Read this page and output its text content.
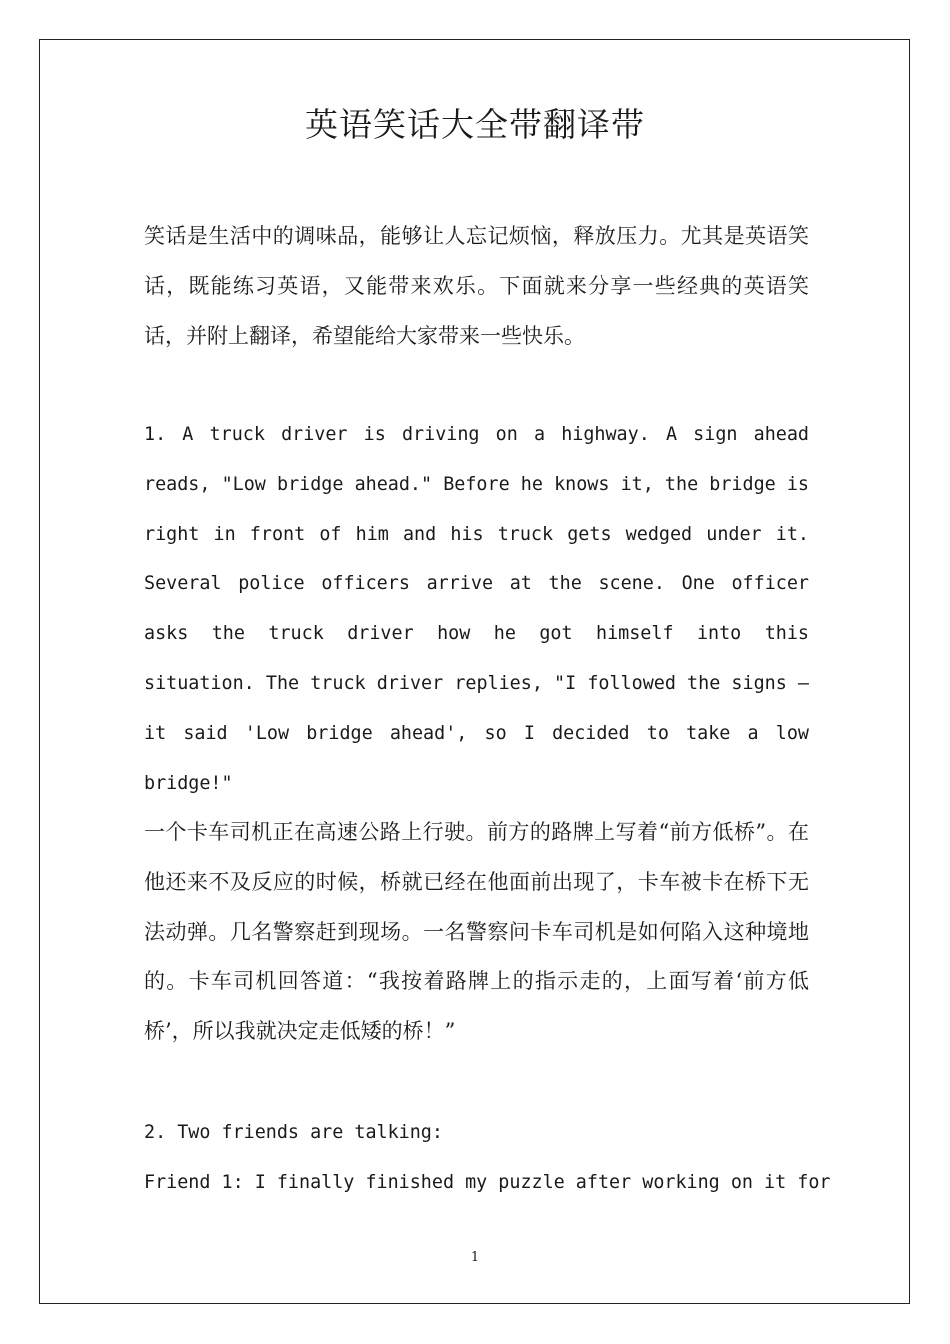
英语笑话大全带翻译带

笑话是生活中的调味品，能够让人忘记烦恼，释放压力。尤其是英语笑话，既能练习英语，又能带来欢乐。下面就来分享一些经典的英语笑话，并附上翻译，希望能给大家带来一些快乐。

1. A truck driver is driving on a highway. A sign ahead reads, "Low bridge ahead." Before he knows it, the bridge is right in front of him and his truck gets wedged under it. Several police officers arrive at the scene. One officer asks the truck driver how he got himself into this situation. The truck driver replies, "I followed the signs – it said 'Low bridge ahead', so I decided to take a low bridge!"

一个卡车司机正在高速公路上行驶。前方的路牌上写着“前方低桥”。在他还来不及反应的时候，桥就已经在他面前出现了，卡车被卡在桥下无法动弹。几名警察赶到现场。一名警察问卡车司机是如何陷入这种境地的。卡车司机回答道：“我按着路牌上的指示走的，上面写着‘前方低桥’，所以我就决定走低矮的桥！”

2. Two friends are talking:

Friend 1: I finally finished my puzzle after working on it for

1
